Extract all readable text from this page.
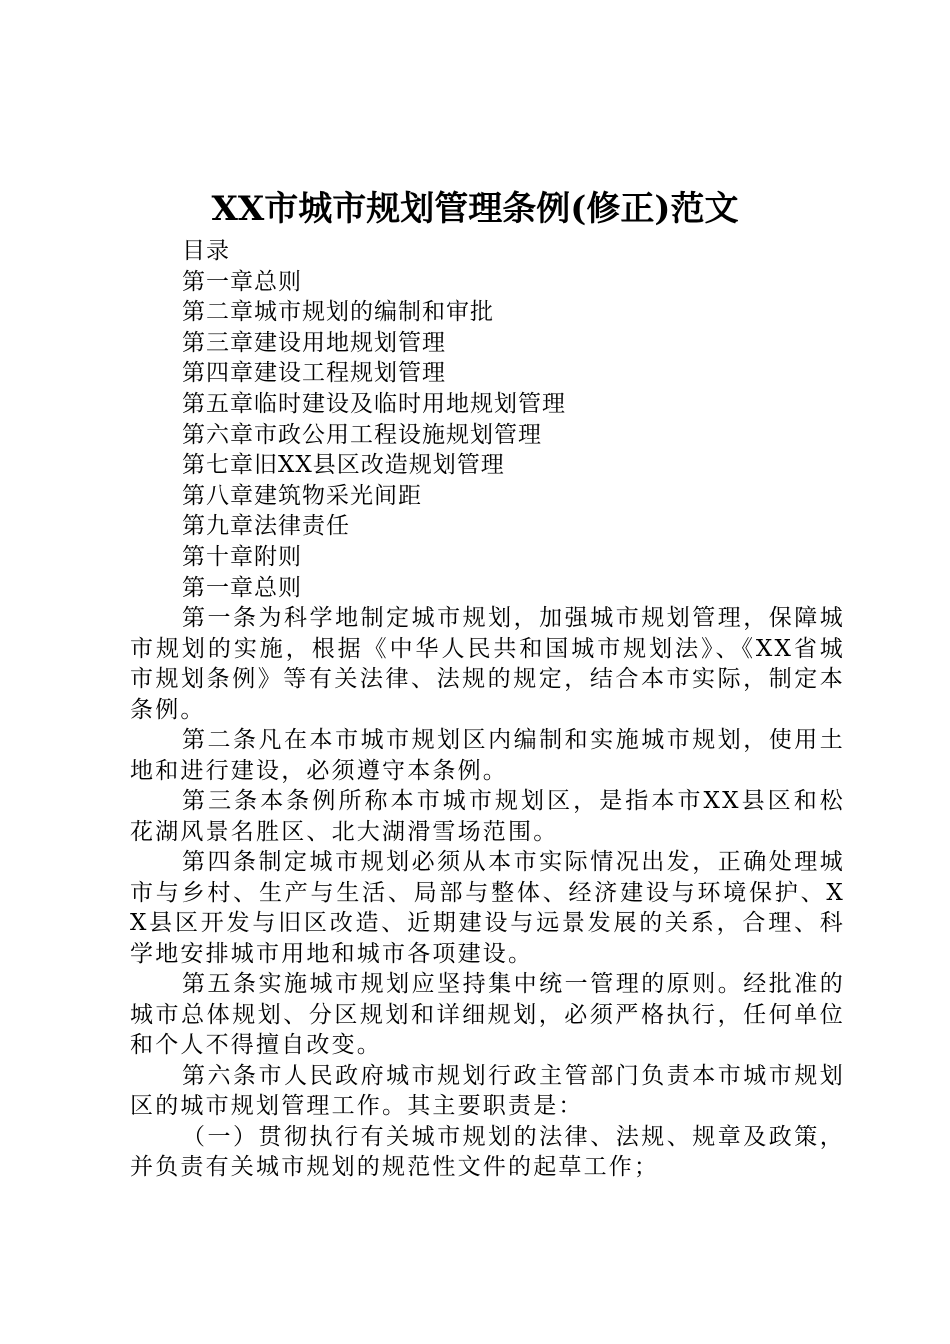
XX市城市规划管理条例(修正)范文
目录
第一章总则
第二章城市规划的编制和审批
第三章建设用地规划管理
第四章建设工程规划管理
第五章临时建设及临时用地规划管理
第六章市政公用工程设施规划管理
第七章旧XX县区改造规划管理
第八章建筑物采光间距
第九章法律责任
第十章附则
第一章总则

第一条为科学地制定城市规划，加强城市规划管理，保障城市规划的实施，根据《中华人民共和国城市规划法》、《XX省城市规划条例》等有关法律、法规的规定，结合本市实际，制定本条例。

第二条凡在本市城市规划区内编制和实施城市规划，使用土地和进行建设，必须遵守本条例。

第三条本条例所称本市城市规划区，是指本市XX县区和松花湖风景名胜区、北大湖滑雪场范围。

第四条制定城市规划必须从本市实际情况出发，正确处理城市与乡村、生产与生活、局部与整体、经济建设与环境保护、XX县区开发与旧区改造、近期建设与远景发展的关系，合理、科学地安排城市用地和城市各项建设。

第五条实施城市规划应坚持集中统一管理的原则。经批准的城市总体规划、分区规划和详细规划，必须严格执行，任何单位和个人不得擅自改变。

第六条市人民政府城市规划行政主管部门负责本市城市规划区的城市规划管理工作。其主要职责是：

（一）贯彻执行有关城市规划的法律、法规、规章及政策，并负责有关城市规划的规范性文件的起草工作；
